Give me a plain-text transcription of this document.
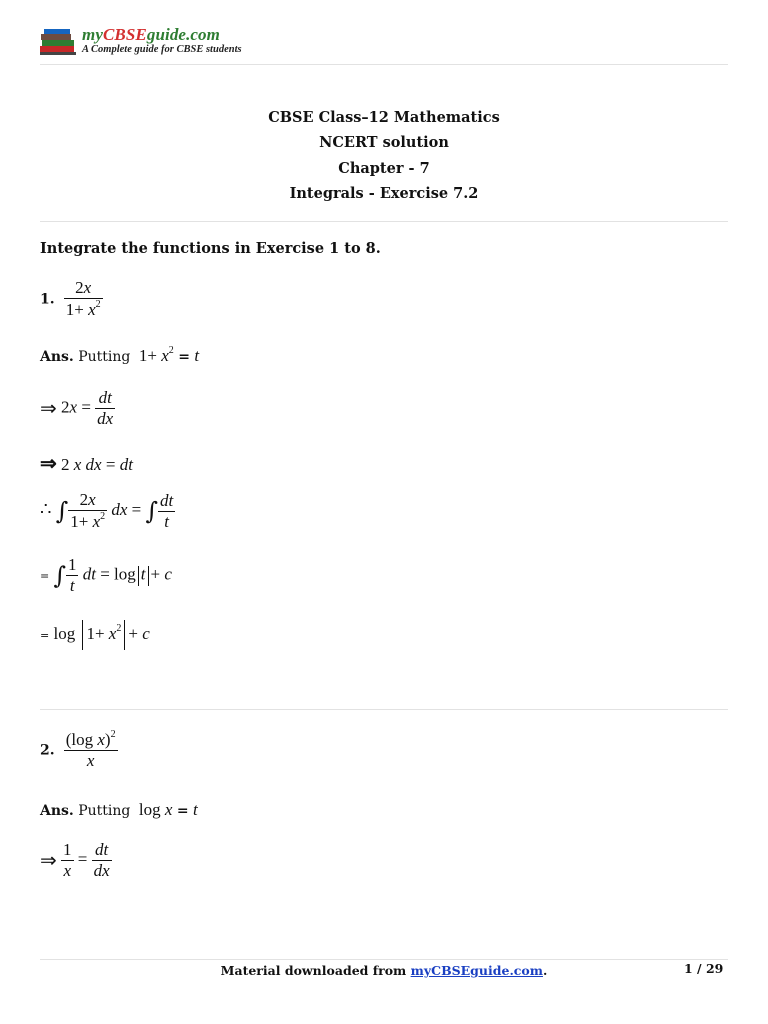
myCBSEguide.com
A Complete guide for CBSE students
CBSE Class–12 Mathematics
NCERT solution
Chapter - 7
Integrals - Exercise 7.2
Integrate the functions in Exercise 1 to 8.
1. $\frac{2x}{1+ x^2}$
Ans. Putting $1+ x^2 = t$
⇒ $2x = \frac{dt}{dx}$
⇒ 2 x dx = dt
∴ ∫ $\frac{2x}{1+ x^2}$ dx = ∫ $\frac{dt}{t}$
= ∫ $\frac{1}{t}$ dt = log t + c
= $\log 1+ x^2 + c$
2. $\frac{(\log x)^2}{x}$
Ans. Putting log x = t
⇒ $\frac{1}{x} = \frac{dt}{dx}$
Material downloaded from myCBSEguide.com.	1 / 29
